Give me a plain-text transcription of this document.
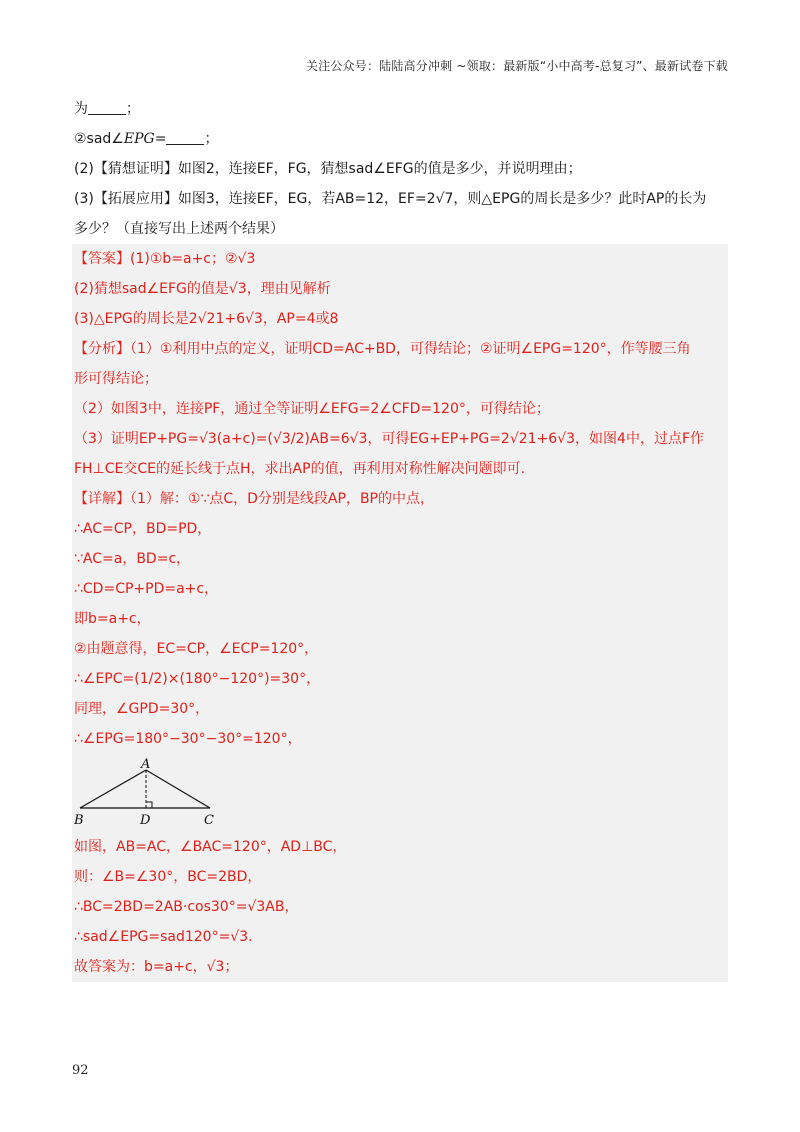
关注公众号：陆陆高分冲刺 ~领取：最新版“小中高考-总复习”、最新试卷下载
为	；
②sad∠EPG=	；
(2)【猜想证明】如图2，连接EF，FG，猜想sad∠EFG的值是多少，并说明理由；
(3)【拓展应用】如图3，连接EF，EG，若AB=12，EF=2√7，则△EPG的周长是多少？此时AP的长为
多少？（直接写出上述两个结果）
【答案】(1)①b=a+c；②√3
(2)猜想sad∠EFG的值是√3，理由见解析
(3)△EPG的周长是2√21+6√3，AP=4或8
【分析】（1）①利用中点的定义，证明CD=AC+BD，可得结论；②证明∠EPG=120°，作等腰三角
形可得结论；
（2）如图3中，连接PF，通过全等证明∠EFG=2∠CFD=120°，可得结论；
（3）证明EP+PG=√3(a+c)=(√3/2)AB=6√3，可得EG+EP+PG=2√21+6√3，如图4中，过点F作
FH⊥CE交CE的延长线于点H，求出AP的值，再利用对称性解决问题即可.
【详解】（1）解：①∵点C，D分别是线段AP，BP的中点，
∴AC=CP，BD=PD，
∵AC=a，BD=c，
∴CD=CP+PD=a+c，
即b=a+c，
②由题意得，EC=CP，∠ECP=120°，
∴∠EPC=(1/2)×(180°−120°)=30°，
同理，∠GPD=30°，
∴∠EPG=180°−30°−30°=120°，
A
B	D	C
如图，AB=AC，∠BAC=120°，AD⊥BC，
则：∠B=∠30°，BC=2BD，
∴BC=2BD=2AB·cos30°=√3AB，
∴sad∠EPG=sad120°=√3.
故答案为：b=a+c，√3；
92
